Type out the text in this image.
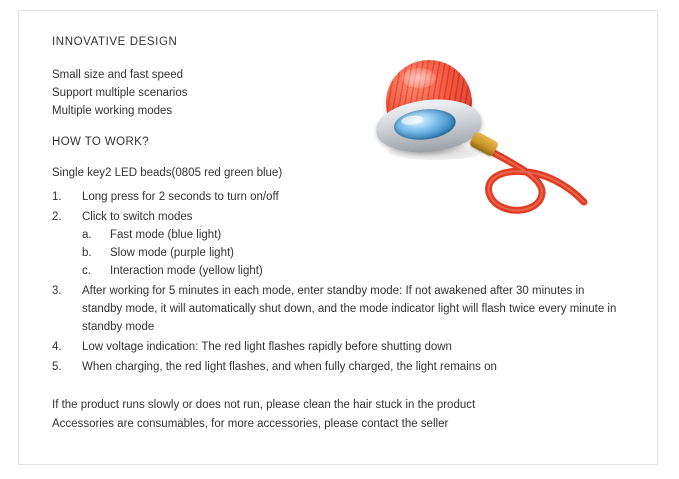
INNOVATIVE DESIGN

Small size and fast speed

Support multiple scenarios

Multiple working modes

HOW TO WORK?

Single key2 LED beads(0805 red green blue)

1.	Long press for 2 seconds to turn on/off
2.	Click to switch modes
a.	Fast mode (blue light)
b.	Slow mode (purple light)
c.	Interaction mode (yellow light)
3.	After working for 5 minutes in each mode, enter standby mode: If not awakened after 30 minutes in standby mode, it will automatically shut down, and the mode indicator light will flash twice every minute in standby mode
4.	Low voltage indication: The red light flashes rapidly before shutting down
5.	When charging, the red light flashes, and when fully charged, the light remains on

If the product runs slowly or does not run, please clean the hair stuck in the product

Accessories are consumables, for more accessories, please contact the seller
